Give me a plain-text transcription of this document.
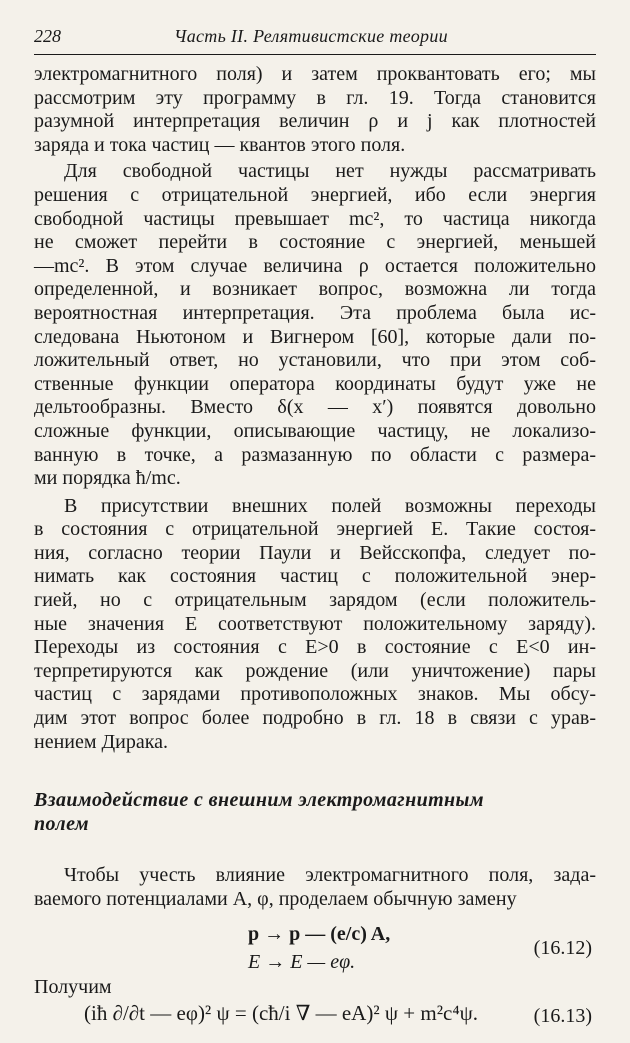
228	Часть II. Релятивистские теории
электромагнитного поля) и затем проквантовать его; мы
рассмотрим эту программу в гл. 19. Тогда становится
разумной интерпретация величин ρ и j как плотностей
заряда и тока частиц — квантов этого поля.
Для свободной частицы нет нужды рассматривать
решения с отрицательной энергией, ибо если энергия
свободной частицы превышает mc², то частица никогда
не сможет перейти в состояние с энергией, меньшей
—mc². В этом случае величина ρ остается положительно
определенной, и возникает вопрос, возможна ли тогда
вероятностная интерпретация. Эта проблема была ис-
следована Ньютоном и Вигнером [60], которые дали по-
ложительный ответ, но установили, что при этом соб-
ственные функции оператора координаты будут уже не
дельтообразны. Вместо δ(x — x′) появятся довольно
сложные функции, описывающие частицу, не локализо-
ванную в точке, а размазанную по области с размера-
ми порядка ħ/mc.
В присутствии внешних полей возможны переходы
в состояния с отрицательной энергией E. Такие состоя-
ния, согласно теории Паули и Вейсскопфа, следует по-
нимать как состояния частиц с положительной энер-
гией, но с отрицательным зарядом (если положитель-
ные значения E соответствуют положительному заряду).
Переходы из состояния с E>0 в состояние с E<0 ин-
терпретируются как рождение (или уничтожение) пары
частиц с зарядами противоположных знаков. Мы обсу-
дим этот вопрос более подробно в гл. 18 в связи с урав-
нением Дирака.
Взаимодействие с внешним электромагнитным
полем
Чтобы учесть влияние электромагнитного поля, зада-
ваемого потенциалами A, φ, проделаем обычную замену
p → p — (e/c) A,
E → E — eφ.
(16.12)
Получим
(iħ ∂/∂t — eφ)² ψ = (cħ/i ∇ — eA)² ψ + m²c⁴ψ.	(16.13)
